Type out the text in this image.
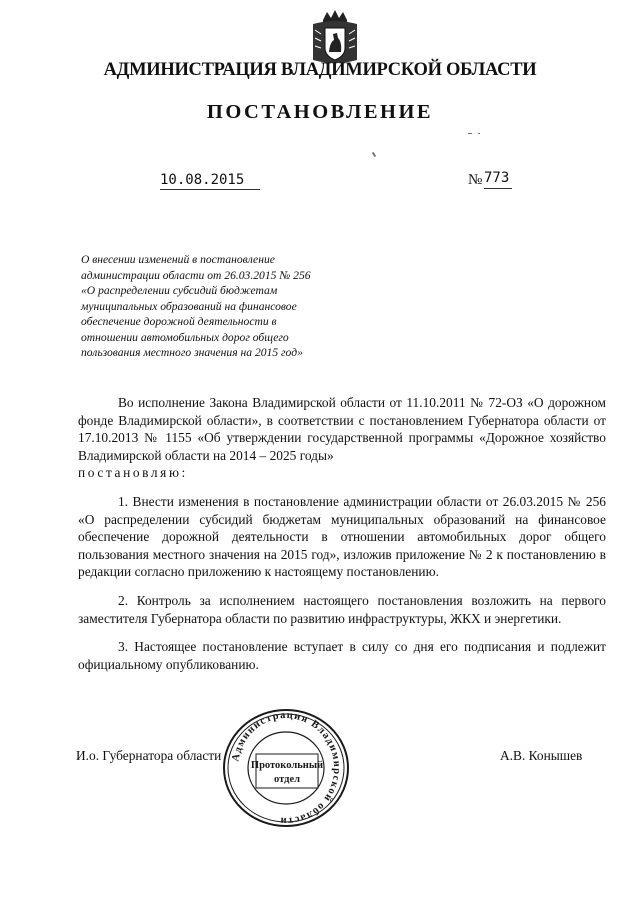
АДМИНИСТРАЦИЯ ВЛАДИМИРСКОЙ ОБЛАСТИ
ПОСТАНОВЛЕНИЕ
10.08.2015	№ 773
О внесении изменений в постановление
администрации области от 26.03.2015 № 256
«О распределении субсидий бюджетам
муниципальных образований на финансовое
обеспечение дорожной деятельности в
отношении автомобильных дорог общего
пользования местного значения на 2015 год»

Во исполнение Закона Владимирской области от 11.10.2011 № 72-ОЗ «О дорожном фонде Владимирской области», в соответствии с постановлением Губернатора области от 17.10.2013 № 1155 «Об утверждении государственной программы «Дорожное хозяйство Владимирской области на 2014 – 2025 годы»

постановляю:

1. Внести изменения в постановление администрации области от 26.03.2015 № 256 «О распределении субсидий бюджетам муниципальных образований на финансовое обеспечение дорожной деятельности в отношении автомобильных дорог общего пользования местного значения на 2015 год», изложив приложение № 2 к постановлению в редакции согласно приложению к настоящему постановлению.

2. Контроль за исполнением настоящего постановления возложить на первого заместителя Губернатора области по развитию инфраструктуры, ЖКХ и энергетики.

3. Настоящее постановление вступает в силу со дня его подписания и подлежит официальному опубликованию.

И.о. Губернатора области	А.В. Конышев
Администрация Владимирской области
Протокольный
отдел
